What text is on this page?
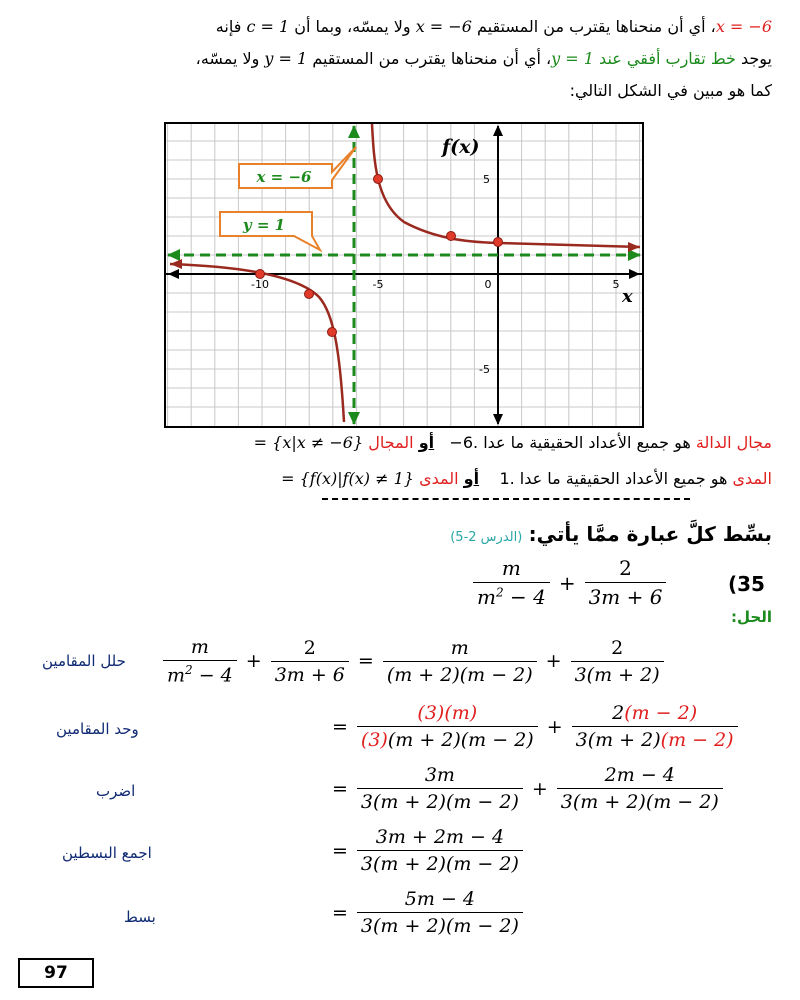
x = −6، أي أن منحناها يقترب من المستقيم x = −6 ولا يمسّه، وبما أن c = 1 فإنه
يوجد خط تقارب أفقي عند y = 1، أي أن منحناها يقترب من المستقيم y = 1 ولا يمسّه،
كما هو مبين في الشكل التالي:
-10	-5	0	5
5
-5
f(x)
x
x = −6
y = 1
مجال الدالة هو جميع الأعداد الحقيقية ما عدا −6.   أو المجال = {x|x ≠ −6}
المدى هو جميع الأعداد الحقيقية ما عدا 1.    أو المدى = {f(x)|f(x) ≠ 1}
بسِّط كلَّ عبارة ممَّا يأتي: (الدرس 2-5)
$\frac{m}{m^2 - 4} + \frac{2}{3m + 6}$	(35
الحل:
حلل المقامين $\frac{m}{m^2 - 4} + \frac{2}{3m + 6} = \frac{m}{(m + 2)(m - 2)} + \frac{2}{3(m + 2)}$
وحد المقامين	= $\frac{(3)(m)}{(3)(m + 2)(m - 2)} + \frac{2(m - 2)}{3(m + 2)(m - 2)}$
اضرب	= $\frac{3m}{3(m + 2)(m - 2)} + \frac{2m - 4}{3(m + 2)(m - 2)}$
اجمع البسطين	= $\frac{3m + 2m - 4}{3(m + 2)(m - 2)}$
بسط	= $\frac{5m - 4}{3(m + 2)(m - 2)}$
97
